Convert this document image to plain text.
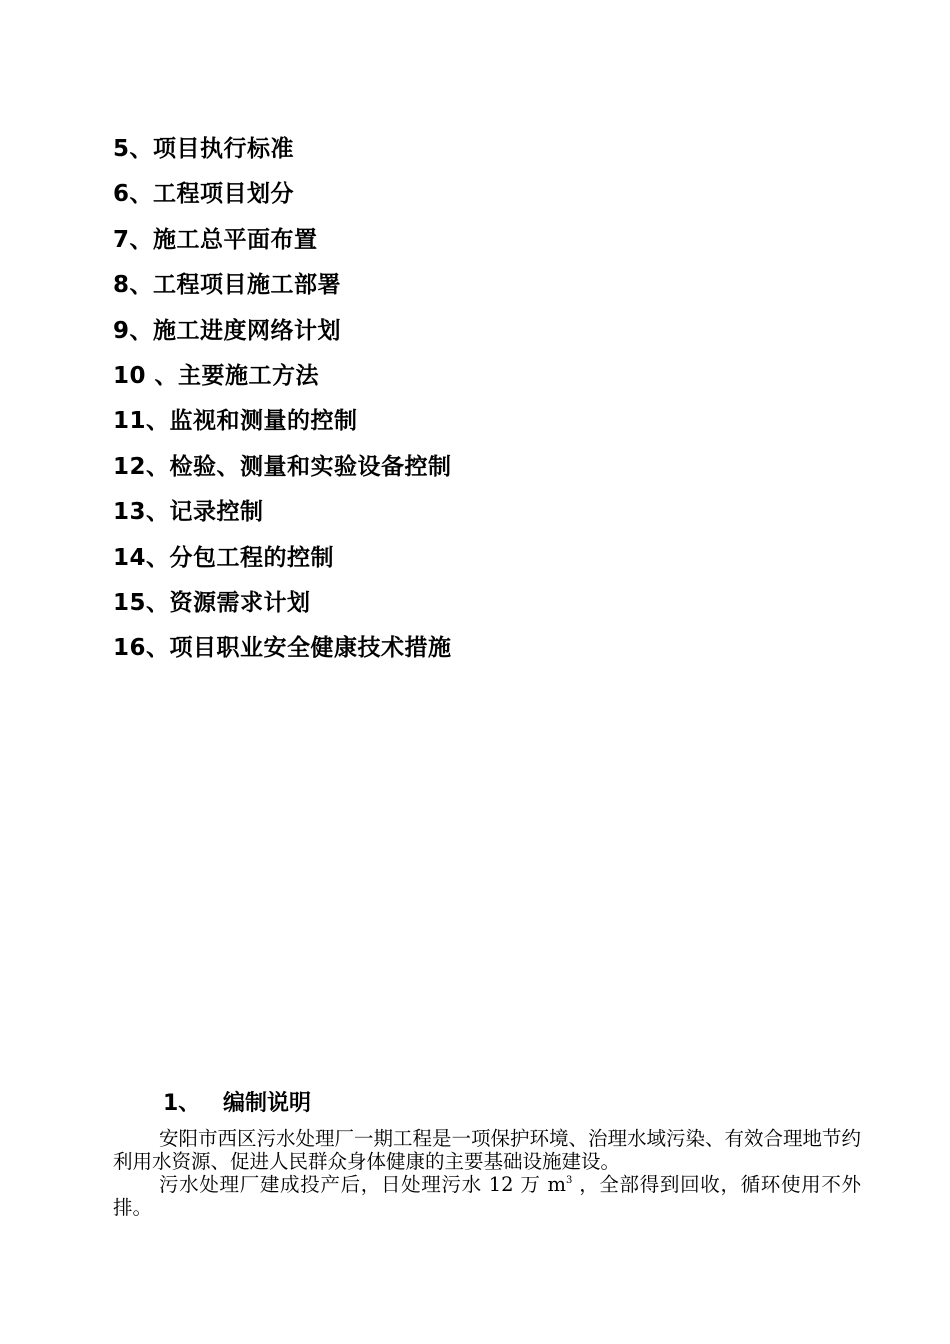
5、项目执行标准
6、工程项目划分
7、施工总平面布置
8、工程项目施工部署
9、施工进度网络计划
10 、主要施工方法
11、监视和测量的控制
12、检验、测量和实验设备控制
13、记录控制
14、分包工程的控制
15、资源需求计划
16、项目职业安全健康技术措施
1、 编制说明

安阳市西区污水处理厂一期工程是一项保护环境、治理水域污染、有效合理地节约利用水资源、促进人民群众身体健康的主要基础设施建设。

污水处理厂建成投产后，日处理污水 12 万 $m^3$ ，全部得到回收，循环使用不外排。
